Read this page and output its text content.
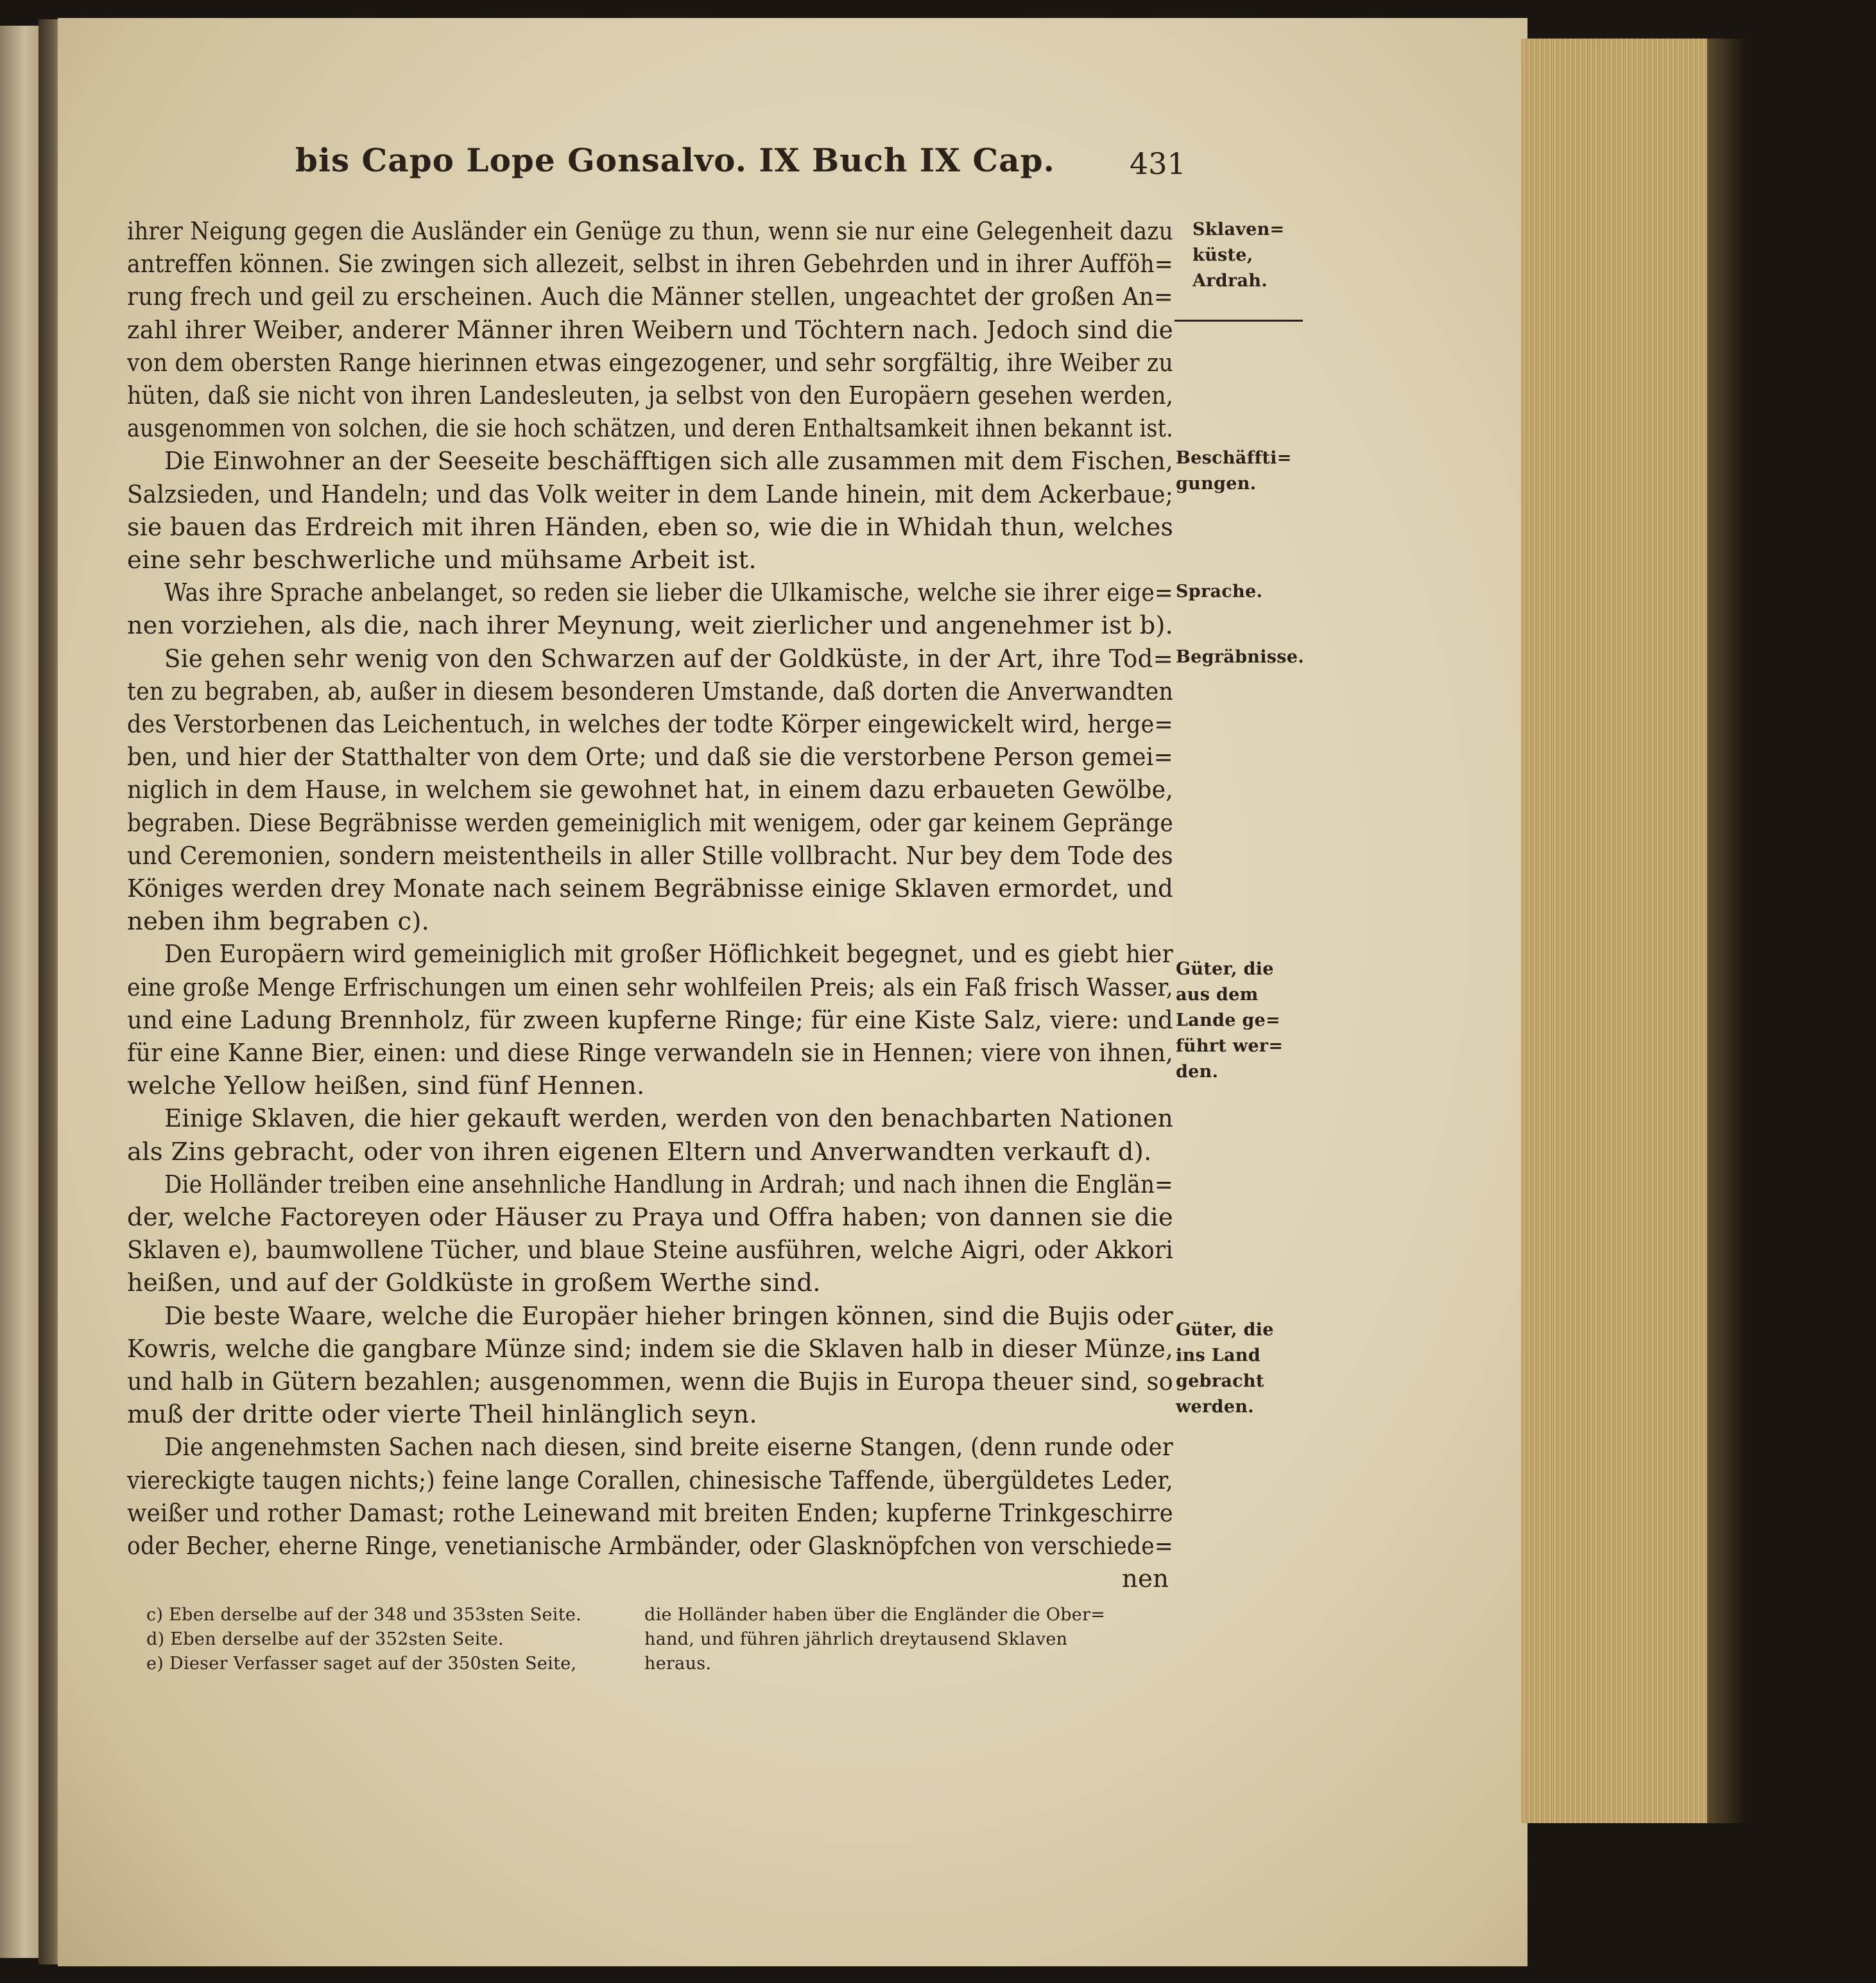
bis Capo Lope Gonsalvo. IX Buch IX Cap.	431
ihrer Neigung gegen die Ausländer ein Genüge zu thun, wenn sie nur eine Gelegenheit dazu
antreffen können. Sie zwingen sich allezeit, selbst in ihren Gebehrden und in ihrer Aufföh=
rung frech und geil zu erscheinen. Auch die Männer stellen, ungeachtet der großen An=
zahl ihrer Weiber, anderer Männer ihren Weibern und Töchtern nach. Jedoch sind die
von dem obersten Range hierinnen etwas eingezogener, und sehr sorgfältig, ihre Weiber zu
hüten, daß sie nicht von ihren Landesleuten, ja selbst von den Europäern gesehen werden,
ausgenommen von solchen, die sie hoch schätzen, und deren Enthaltsamkeit ihnen bekannt ist.
Die Einwohner an der Seeseite beschäfftigen sich alle zusammen mit dem Fischen,
Salzsieden, und Handeln; und das Volk weiter in dem Lande hinein, mit dem Ackerbaue;
sie bauen das Erdreich mit ihren Händen, eben so, wie die in Whidah thun, welches
eine sehr beschwerliche und mühsame Arbeit ist.
Was ihre Sprache anbelanget, so reden sie lieber die Ulkamische, welche sie ihrer eige=
nen vorziehen, als die, nach ihrer Meynung, weit zierlicher und angenehmer ist b).
Sie gehen sehr wenig von den Schwarzen auf der Goldküste, in der Art, ihre Tod=
ten zu begraben, ab, außer in diesem besonderen Umstande, daß dorten die Anverwandten
des Verstorbenen das Leichentuch, in welches der todte Körper eingewickelt wird, herge=
ben, und hier der Statthalter von dem Orte; und daß sie die verstorbene Person gemei=
niglich in dem Hause, in welchem sie gewohnet hat, in einem dazu erbaueten Gewölbe,
begraben. Diese Begräbnisse werden gemeiniglich mit wenigem, oder gar keinem Gepränge
und Ceremonien, sondern meistentheils in aller Stille vollbracht. Nur bey dem Tode des
Königes werden drey Monate nach seinem Begräbnisse einige Sklaven ermordet, und
neben ihm begraben c).
Den Europäern wird gemeiniglich mit großer Höflichkeit begegnet, und es giebt hier
eine große Menge Erfrischungen um einen sehr wohlfeilen Preis; als ein Faß frisch Wasser,
und eine Ladung Brennholz, für zween kupferne Ringe; für eine Kiste Salz, viere: und
für eine Kanne Bier, einen: und diese Ringe verwandeln sie in Hennen; viere von ihnen,
welche Yellow heißen, sind fünf Hennen.
Einige Sklaven, die hier gekauft werden, werden von den benachbarten Nationen
als Zins gebracht, oder von ihren eigenen Eltern und Anverwandten verkauft d).
Die Holländer treiben eine ansehnliche Handlung in Ardrah; und nach ihnen die Englän=
der, welche Factoreyen oder Häuser zu Praya und Offra haben; von dannen sie die
Sklaven e), baumwollene Tücher, und blaue Steine ausführen, welche Aigri, oder Akkori
heißen, und auf der Goldküste in großem Werthe sind.
Die beste Waare, welche die Europäer hieher bringen können, sind die Bujis oder
Kowris, welche die gangbare Münze sind; indem sie die Sklaven halb in dieser Münze,
und halb in Gütern bezahlen; ausgenommen, wenn die Bujis in Europa theuer sind, so
muß der dritte oder vierte Theil hinlänglich seyn.
Die angenehmsten Sachen nach diesen, sind breite eiserne Stangen, (denn runde oder
viereckigte taugen nichts;) feine lange Corallen, chinesische Taffende, übergüldetes Leder,
weißer und rother Damast; rothe Leinewand mit breiten Enden; kupferne Trinkgeschirre
oder Becher, eherne Ringe, venetianische Armbänder, oder Glasknöpfchen von verschiede=
nen
Sklaven=
küste,
Ardrah.
Beschäffti=
gungen.
Sprache.
Begräbnisse.
Güter, die
aus dem
Lande ge=
führt wer=
den.
Güter, die
ins Land
gebracht
werden.
c) Eben derselbe auf der 348 und 353sten Seite.
d) Eben derselbe auf der 352sten Seite.
e) Dieser Verfasser saget auf der 350sten Seite,
die Holländer haben über die Engländer die Ober=
hand, und führen jährlich dreytausend Sklaven
heraus.
